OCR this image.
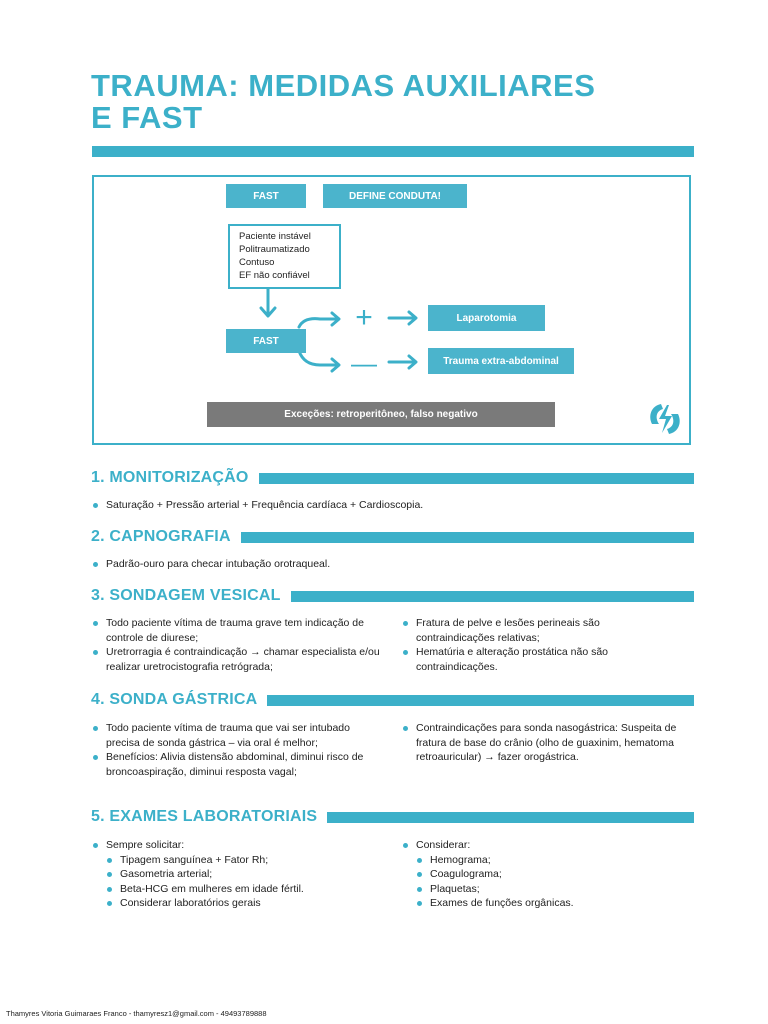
TRAUMA: MEDIDAS AUXILIARES
E FAST
FAST	DEFINE CONDUTA!
Paciente instável
Politraumatizado
Contuso
EF não confiável
FAST
+
—
Laparotomia
Trauma extra-abdominal
Exceções: retroperitôneo, falso negativo
1. MONITORIZAÇÃO
Saturação + Pressão arterial + Frequência cardíaca + Cardioscopia.
2. CAPNOGRAFIA
Padrão-ouro para checar intubação orotraqueal.
3. SONDAGEM VESICAL
Todo paciente vítima de trauma grave tem indicação de controle de diurese;
Uretrorragia é contraindicação → chamar especialista e/ou realizar uretrocistografia retrógrada;
Fratura de pelve e lesões perineais são contraindicações relativas;
Hematúria e alteração prostática não são contraindicações.
4. SONDA GÁSTRICA
Todo paciente vítima de trauma que vai ser intubado precisa de sonda gástrica – via oral é melhor;
Benefícios: Alivia distensão abdominal, diminui risco de broncoaspiração, diminui resposta vagal;
Contraindicações para sonda nasogástrica: Suspeita de fratura de base do crânio (olho de guaxinim, hematoma retroauricular) → fazer orogástrica.
5. EXAMES LABORATORIAIS
Sempre solicitar:
Tipagem sanguínea + Fator Rh;
Gasometria arterial;
Beta-HCG em mulheres em idade fértil.
Considerar laboratórios gerais
Considerar:
Hemograma;
Coagulograma;
Plaquetas;
Exames de funções orgânicas.
Thamyres Vitoria Guimaraes Franco - thamyresz1@gmail.com - 49493789888
